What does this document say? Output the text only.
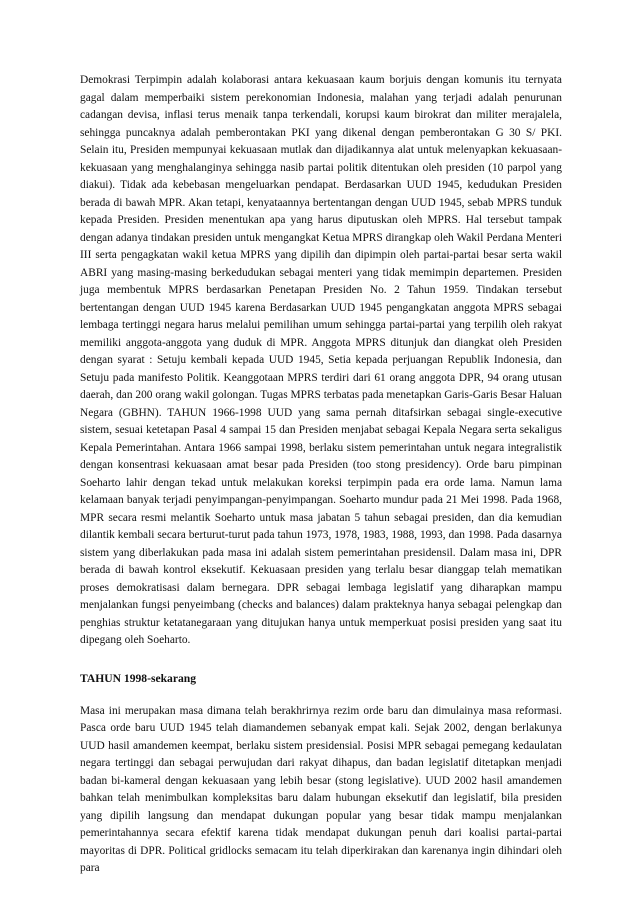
Demokrasi Terpimpin adalah kolaborasi antara kekuasaan kaum borjuis dengan komunis itu ternyata gagal dalam memperbaiki sistem perekonomian Indonesia, malahan yang terjadi adalah penurunan cadangan devisa, inflasi terus menaik tanpa terkendali, korupsi kaum birokrat dan militer merajalela, sehingga puncaknya adalah pemberontakan PKI yang dikenal dengan pemberontakan G 30 S/ PKI. Selain itu, Presiden mempunyai kekuasaan mutlak dan dijadikannya alat untuk melenyapkan kekuasaan-kekuasaan yang menghalanginya sehingga nasib partai politik ditentukan oleh presiden (10 parpol yang diakui). Tidak ada kebebasan mengeluarkan pendapat. Berdasarkan UUD 1945, kedudukan Presiden berada di bawah MPR. Akan tetapi, kenyataannya bertentangan dengan UUD 1945, sebab MPRS tunduk kepada Presiden. Presiden menentukan apa yang harus diputuskan oleh MPRS. Hal tersebut tampak dengan adanya tindakan presiden untuk mengangkat Ketua MPRS dirangkap oleh Wakil Perdana Menteri III serta pengagkatan wakil ketua MPRS yang dipilih dan dipimpin oleh partai-partai besar serta wakil ABRI yang masing-masing berkedudukan sebagai menteri yang tidak memimpin departemen. Presiden juga membentuk MPRS berdasarkan Penetapan Presiden No. 2 Tahun 1959. Tindakan tersebut bertentangan dengan UUD 1945 karena Berdasarkan UUD 1945 pengangkatan anggota MPRS sebagai lembaga tertinggi negara harus melalui pemilihan umum sehingga partai-partai yang terpilih oleh rakyat memiliki anggota-anggota yang duduk di MPR. Anggota MPRS ditunjuk dan diangkat oleh Presiden dengan syarat : Setuju kembali kepada UUD 1945, Setia kepada perjuangan Republik Indonesia, dan Setuju pada manifesto Politik. Keanggotaan MPRS terdiri dari 61 orang anggota DPR, 94 orang utusan daerah, dan 200 orang wakil golongan. Tugas MPRS terbatas pada menetapkan Garis-Garis Besar Haluan Negara (GBHN). TAHUN 1966-1998 UUD yang sama pernah ditafsirkan sebagai single-executive sistem, sesuai ketetapan Pasal 4 sampai 15 dan Presiden menjabat sebagai Kepala Negara serta sekaligus Kepala Pemerintahan. Antara 1966 sampai 1998, berlaku sistem pemerintahan untuk negara integralistik dengan konsentrasi kekuasaan amat besar pada Presiden (too stong presidency). Orde baru pimpinan Soeharto lahir dengan tekad untuk melakukan koreksi terpimpin pada era orde lama. Namun lama kelamaan banyak terjadi penyimpangan-penyimpangan. Soeharto mundur pada 21 Mei 1998. Pada 1968, MPR secara resmi melantik Soeharto untuk masa jabatan 5 tahun sebagai presiden, dan dia kemudian dilantik kembali secara berturut-turut pada tahun 1973, 1978, 1983, 1988, 1993, dan 1998. Pada dasarnya sistem yang diberlakukan pada masa ini adalah sistem pemerintahan presidensil. Dalam masa ini, DPR berada di bawah kontrol eksekutif. Kekuasaan presiden yang terlalu besar dianggap telah mematikan proses demokratisasi dalam bernegara. DPR sebagai lembaga legislatif yang diharapkan mampu menjalankan fungsi penyeimbang (checks and balances) dalam prakteknya hanya sebagai pelengkap dan penghias struktur ketatanegaraan yang ditujukan hanya untuk memperkuat posisi presiden yang saat itu dipegang oleh Soeharto.

TAHUN 1998-sekarang

Masa ini merupakan masa dimana telah berakhrirnya rezim orde baru dan dimulainya masa reformasi. Pasca orde baru UUD 1945 telah diamandemen sebanyak empat kali. Sejak 2002, dengan berlakunya UUD hasil amandemen keempat, berlaku sistem presidensial. Posisi MPR sebagai pemegang kedaulatan negara tertinggi dan sebagai perwujudan dari rakyat dihapus, dan badan legislatif ditetapkan menjadi badan bi-kameral dengan kekuasaan yang lebih besar (stong legislative). UUD 2002 hasil amandemen bahkan telah menimbulkan kompleksitas baru dalam hubungan eksekutif dan legislatif, bila presiden yang dipilih langsung dan mendapat dukungan popular yang besar tidak mampu menjalankan pemerintahannya secara efektif karena tidak mendapat dukungan penuh dari koalisi partai-partai mayoritas di DPR. Political gridlocks semacam itu telah diperkirakan dan karenanya ingin dihindari oleh para
